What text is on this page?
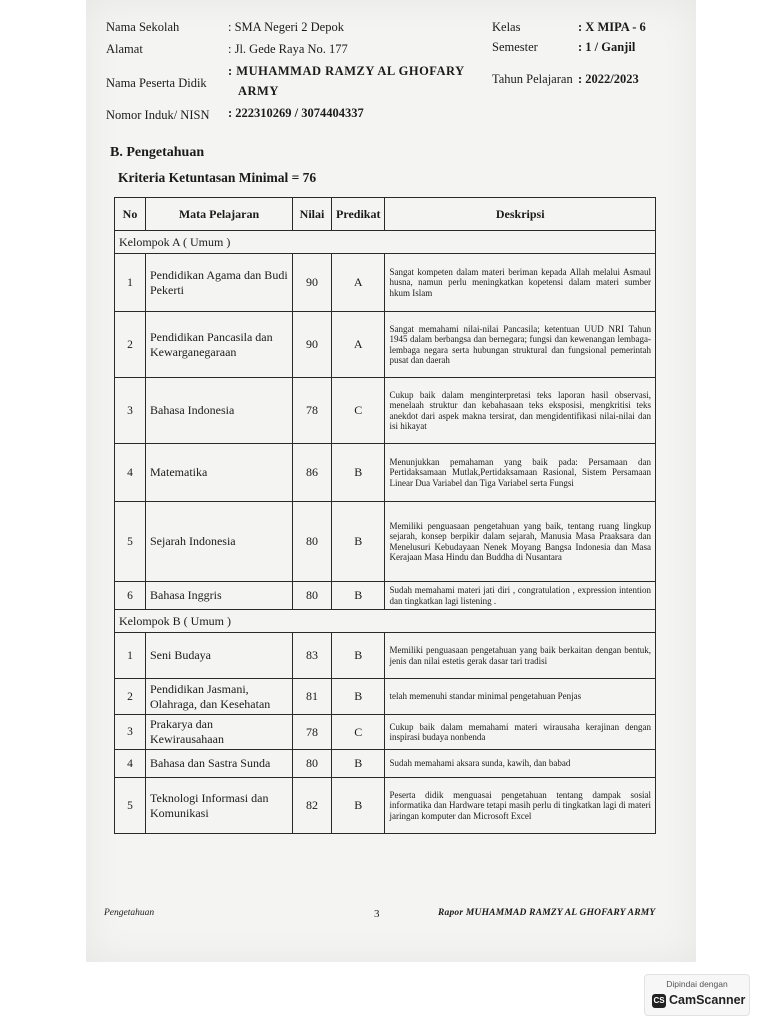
Nama Sekolah	: SMA Negeri 2 Depok
Alamat	: Jl. Gede Raya No. 177
Nama Peserta Didik
: MUHAMMAD RAMZY AL GHOFARY
ARMY
Nomor Induk/ NISN : 222310269 / 3074404337
Kelas	: X MIPA - 6
Semester	: 1 / Ganjil
Tahun Pelajaran : 2022/2023
B. Pengetahuan
Kriteria Ketuntasan Minimal = 76
No	Mata Pelajaran	Nilai	Predikat	Deskripsi
Kelompok A ( Umum )				
1	Pendidikan Agama dan Budi Pekerti	90	A	Sangat kompeten dalam materi beriman kepada Allah melalui Asmaul husna, namun perlu meningkatkan kopetensi dalam materi sumber hkum Islam
2	Pendidikan Pancasila dan Kewarganegaraan	90	A	Sangat memahami nilai-nilai Pancasila; ketentuan UUD NRI Tahun 1945 dalam berbangsa dan bernegara; fungsi dan kewenangan lembaga-lembaga negara serta hubungan struktural dan fungsional pemerintah pusat dan daerah
3	Bahasa Indonesia	78	C	Cukup baik dalam menginterpretasi teks laporan hasil observasi, menelaah struktur dan kebahasaan teks eksposisi, mengkritisi teks anekdot dari aspek makna tersirat, dan mengidentifikasi nilai-nilai dan isi hikayat
4	Matematika	86	B	Menunjukkan pemahaman yang baik pada: Persamaan dan Pertidaksamaan Mutlak,Pertidaksamaan Rasional, Sistem Persamaan Linear Dua Variabel dan Tiga Variabel serta Fungsi
5	Sejarah Indonesia	80	B	Memiliki penguasaan pengetahuan yang baik, tentang ruang lingkup sejarah, konsep berpikir dalam sejarah, Manusia Masa Praaksara dan Menelusuri Kebudayaan Nenek Moyang Bangsa Indonesia dan Masa Kerajaan Masa Hindu dan Buddha di Nusantara
6	Bahasa Inggris	80	B	Sudah memahami materi jati diri , congratulation , expression intention dan tingkatkan lagi listening .
Kelompok B ( Umum )				
1	Seni Budaya	83	B	Memiliki penguasaan pengetahuan yang baik berkaitan dengan bentuk, jenis dan nilai estetis gerak dasar tari tradisi
2	Pendidikan Jasmani, Olahraga, dan Kesehatan	81	B	telah memenuhi standar minimal pengetahuan Penjas
3	Prakarya dan Kewirausahaan	78	C	Cukup baik dalam memahami materi wirausaha kerajinan dengan inspirasi budaya nonbenda
4	Bahasa dan Sastra Sunda	80	B	Sudah memahami aksara sunda, kawih, dan babad
5	Teknologi Informasi dan Komunikasi	82	B	Peserta didik menguasai pengetahuan tentang dampak sosial informatika dan Hardware tetapi masih perlu di tingkatkan lagi di materi jaringan komputer dan Microsoft Excel
Pengetahuan	3	Rapor MUHAMMAD RAMZY AL GHOFARY ARMY
Dipindai dengan
CS CamScanner
